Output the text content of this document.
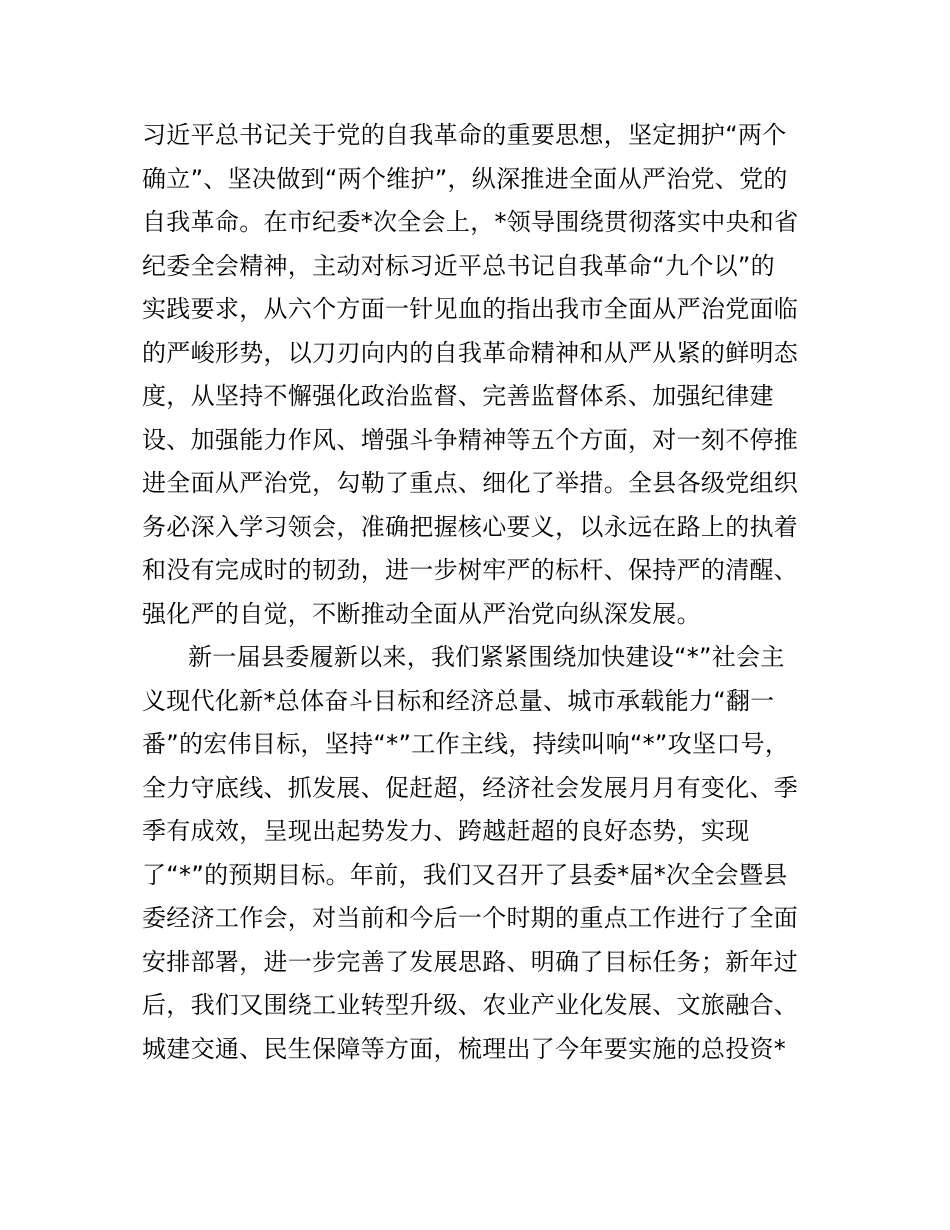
习近平总书记关于党的自我革命的重要思想，坚定拥护“两个
确立”、坚决做到“两个维护”，纵深推进全面从严治党、党的
自我革命。在市纪委*次全会上，*领导围绕贯彻落实中央和省
纪委全会精神，主动对标习近平总书记自我革命“九个以”的
实践要求，从六个方面一针见血的指出我市全面从严治党面临
的严峻形势，以刀刃向内的自我革命精神和从严从紧的鲜明态
度，从坚持不懈强化政治监督、完善监督体系、加强纪律建
设、加强能力作风、增强斗争精神等五个方面，对一刻不停推
进全面从严治党，勾勒了重点、细化了举措。全县各级党组织
务必深入学习领会，准确把握核心要义，以永远在路上的执着
和没有完成时的韧劲，进一步树牢严的标杆、保持严的清醒、
强化严的自觉，不断推动全面从严治党向纵深发展。
新一届县委履新以来，我们紧紧围绕加快建设“*”社会主
义现代化新*总体奋斗目标和经济总量、城市承载能力“翻一
番”的宏伟目标，坚持“*”工作主线，持续叫响“*”攻坚口号，
全力守底线、抓发展、促赶超，经济社会发展月月有变化、季
季有成效，呈现出起势发力、跨越赶超的良好态势，实现
了“*”的预期目标。年前，我们又召开了县委*届*次全会暨县
委经济工作会，对当前和今后一个时期的重点工作进行了全面
安排部署，进一步完善了发展思路、明确了目标任务；新年过
后，我们又围绕工业转型升级、农业产业化发展、文旅融合、
城建交通、民生保障等方面，梳理出了今年要实施的总投资*
